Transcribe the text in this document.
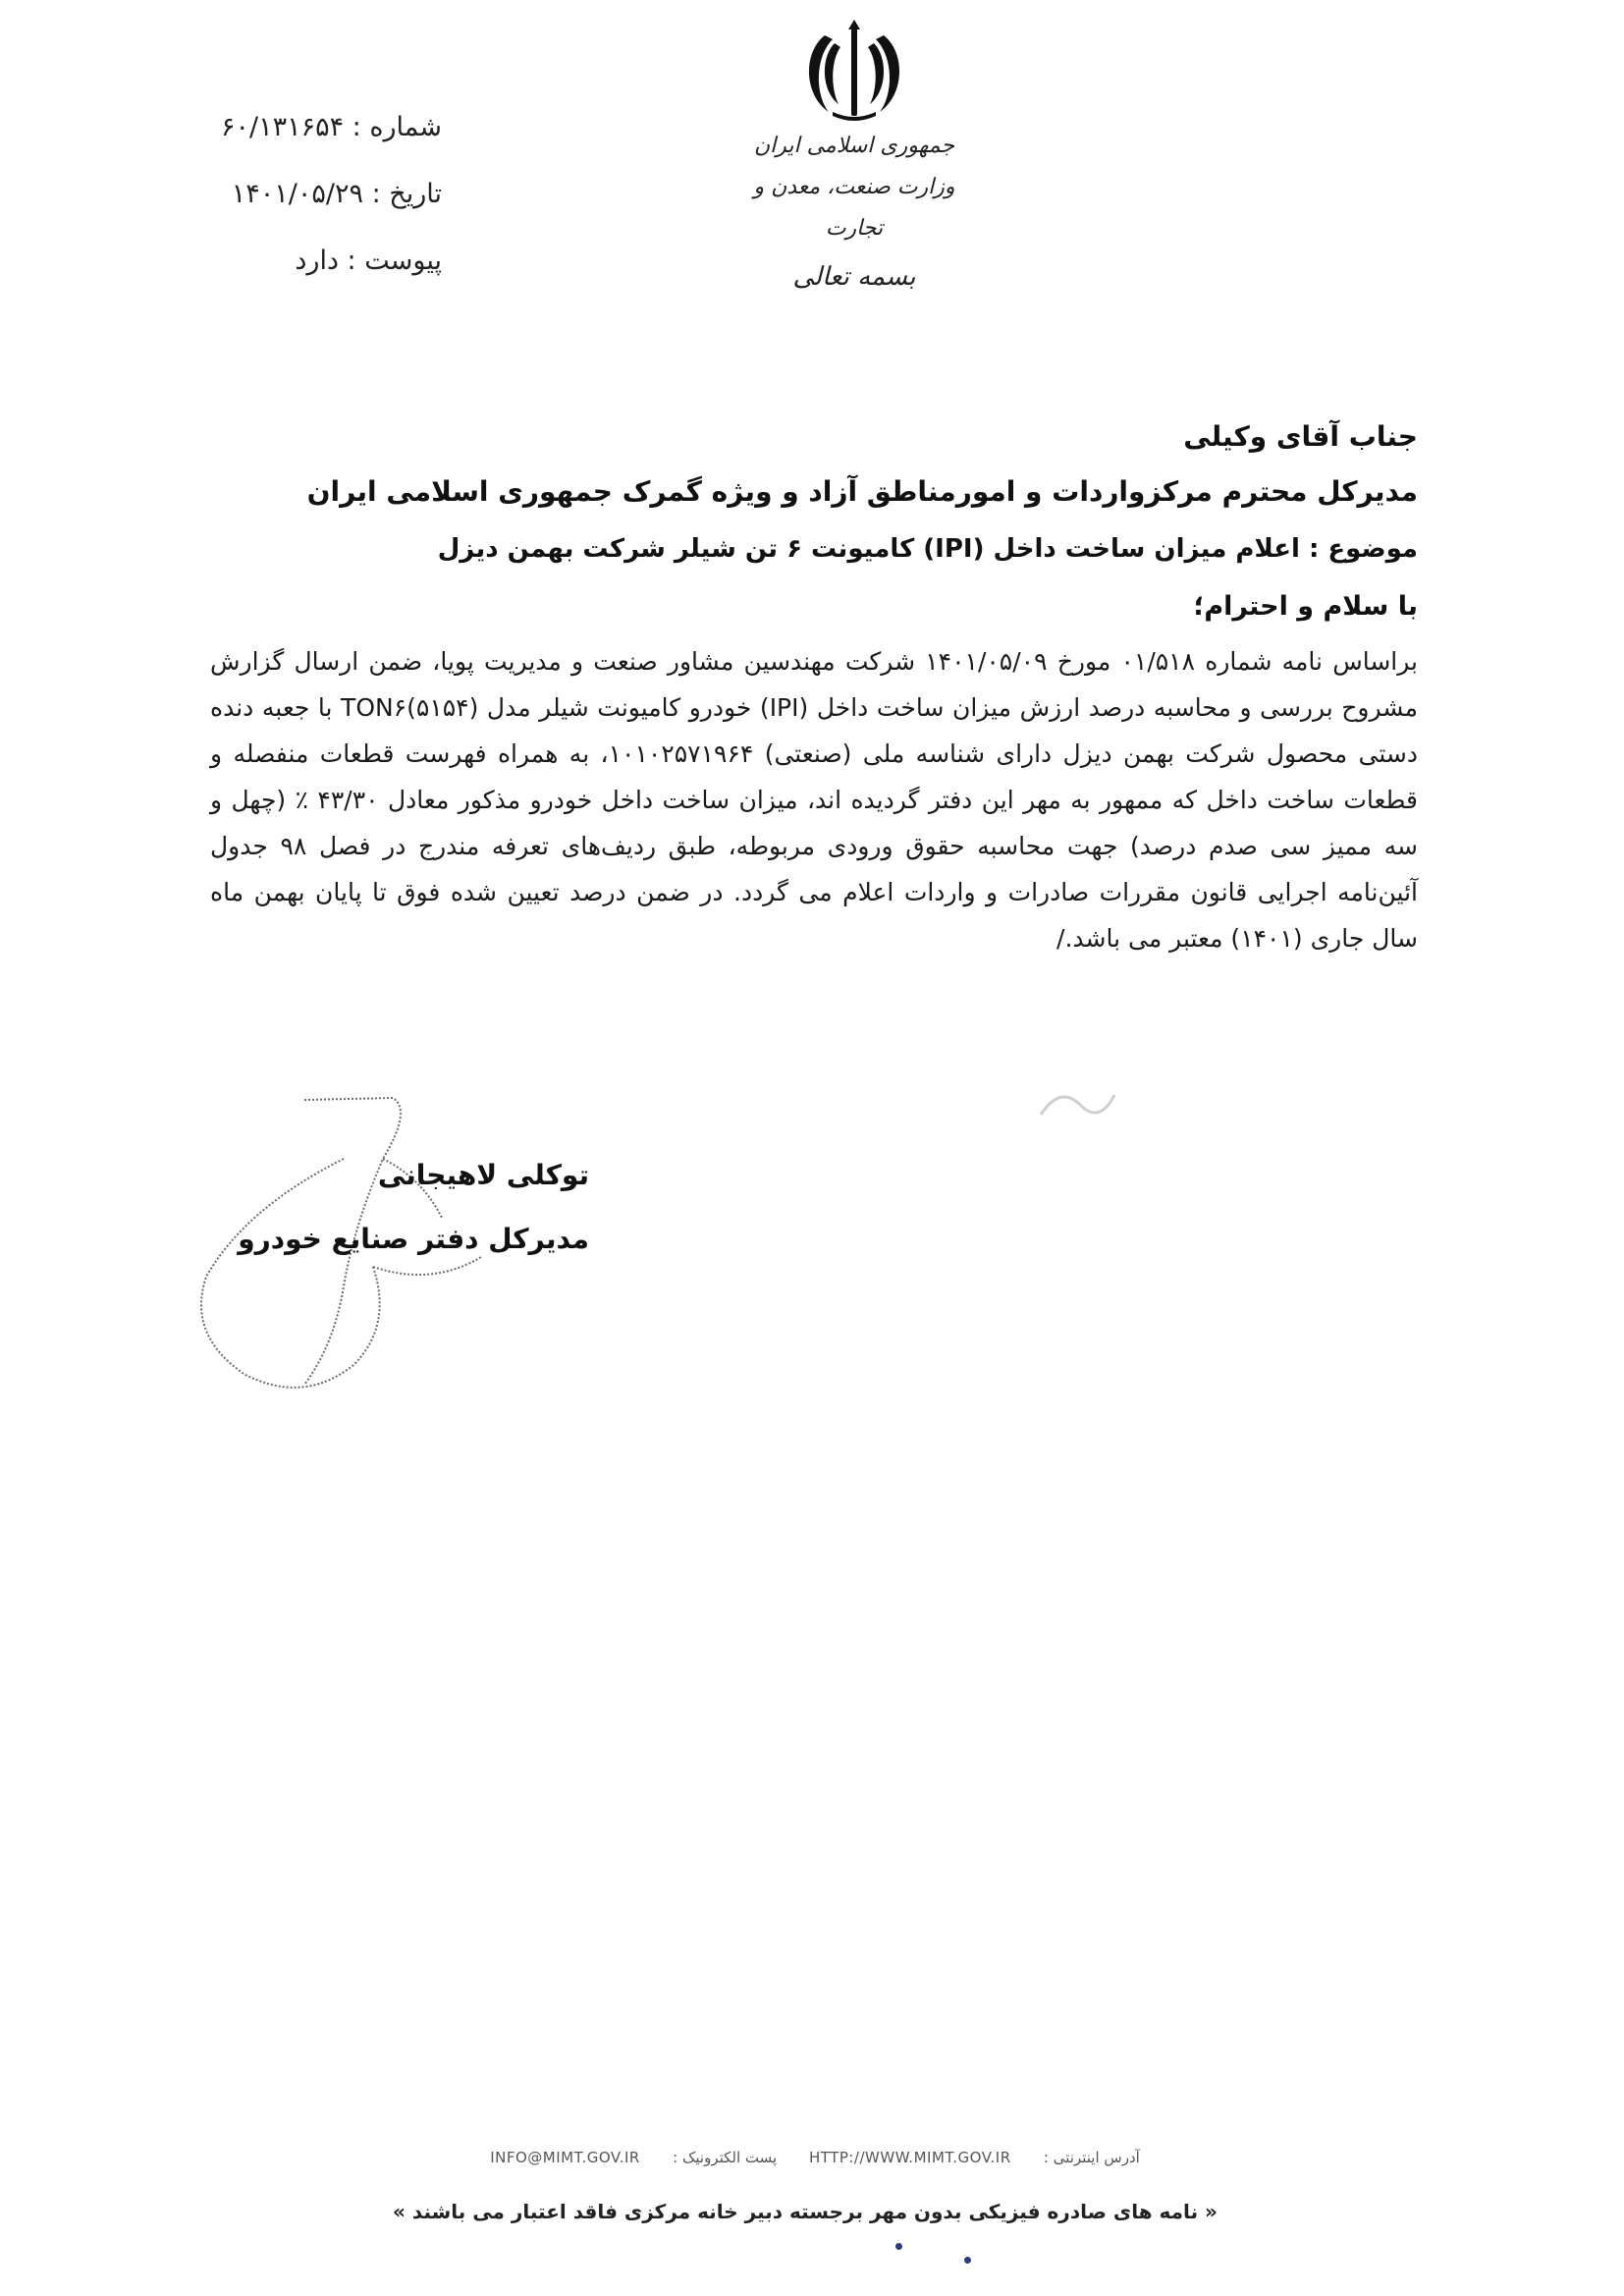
شماره : ۶۰/۱۳۱۶۵۴
تاریخ : ۱۴۰۱/۰۵/۲۹
پیوست : دارد
جمهوری اسلامی ایران
وزارت صنعت، معدن و تجارت
بسمه تعالی
جناب آقای وکیلی
مدیرکل محترم مرکزواردات و امورمناطق آزاد و ویژه گمرک جمهوری اسلامی ایران
موضوع : اعلام میزان ساخت داخل (IPI) کامیونت ۶ تن شیلر شرکت بهمن دیزل
با سلام و احترام؛
براساس نامه شماره ۰۱/۵۱۸ مورخ ۱۴۰۱/۰۵/۰۹ شرکت مهندسین مشاور صنعت و مدیریت پویا، ضمن ارسال گزارش مشروح بررسی و محاسبه درصد ارزش میزان ساخت داخل (IPI) خودرو کامیونت شیلر مدل (۵۱۵۴)TON۶ با جعبه دنده دستی محصول شرکت بهمن دیزل دارای شناسه ملی (صنعتی) ۱۰۱۰۲۵۷۱۹۶۴، به همراه فهرست قطعات منفصله و قطعات ساخت داخل که ممهور به مهر این دفتر گردیده اند، میزان ساخت داخل خودرو مذکور معادل ۴۳/۳۰ ٪ (چهل و سه ممیز سی صدم درصد) جهت محاسبه حقوق ورودی مربوطه، طبق ردیف‌های تعرفه مندرج در فصل ۹۸ جدول آئین‌نامه اجرایی قانون مقررات صادرات و واردات اعلام می گردد. در ضمن درصد تعیین شده فوق تا پایان بهمن ماه سال جاری (۱۴۰۱) معتبر می باشد./
توکلی لاهیجانی
مدیرکل دفتر صنایع خودرو
INFO@MIMT.GOV.IR پست الکترونیک : HTTP://WWW.MIMT.GOV.IR آدرس اینترنتی :
« نامه های صادره فیزیکی بدون مهر برجسته دبیر خانه مرکزی فاقد اعتبار می باشند »
